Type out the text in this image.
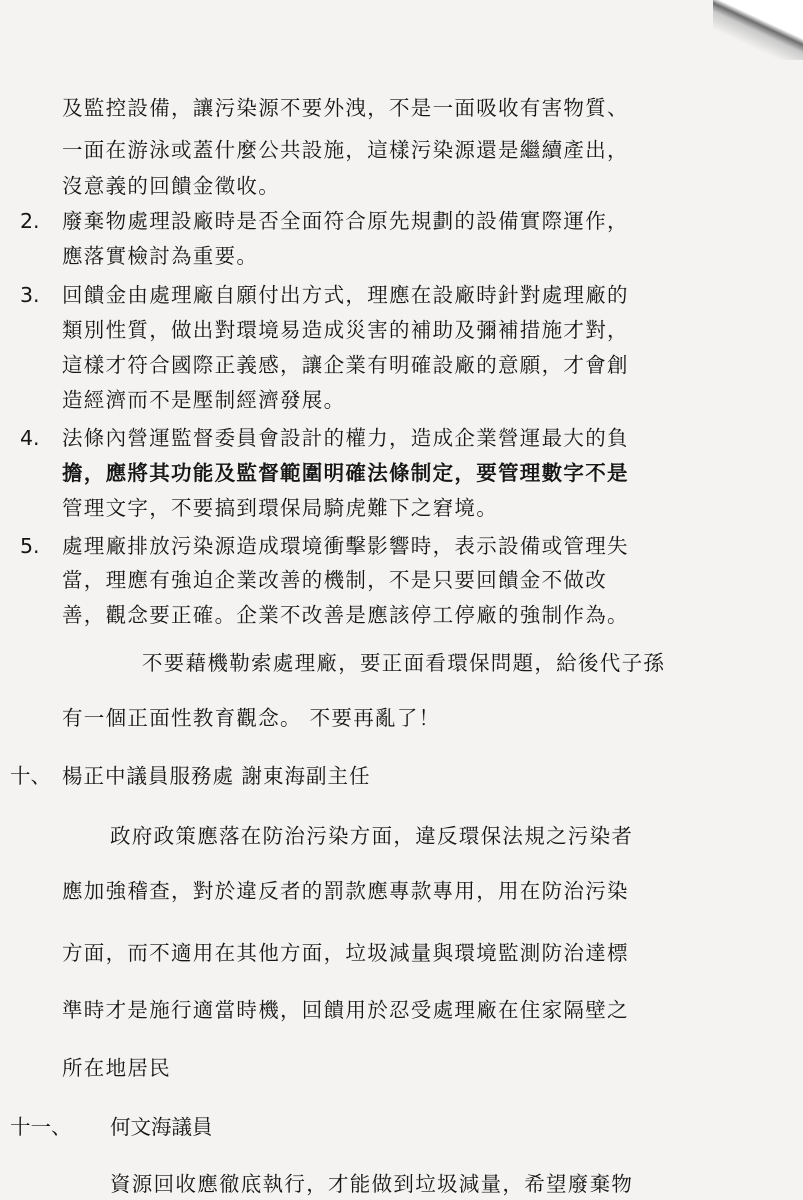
及監控設備，讓污染源不要外洩，不是一面吸收有害物質、
一面在游泳或蓋什麼公共設施，這樣污染源還是繼續產出，
沒意義的回饋金徵收。
2. 廢棄物處理設廠時是否全面符合原先規劃的設備實際運作，
應落實檢討為重要。
3. 回饋金由處理廠自願付出方式，理應在設廠時針對處理廠的
類別性質，做出對環境易造成災害的補助及彌補措施才對，
這樣才符合國際正義感，讓企業有明確設廠的意願，才會創
造經濟而不是壓制經濟發展。
4. 法條內營運監督委員會設計的權力，造成企業營運最大的負
擔，應將其功能及監督範圍明確法條制定，要管理數字不是
管理文字，不要搞到環保局騎虎難下之窘境。
5. 處理廠排放污染源造成環境衝擊影響時，表示設備或管理失
當，理應有強迫企業改善的機制，不是只要回饋金不做改
善，觀念要正確。企業不改善是應該停工停廠的強制作為。
不要藉機勒索處理廠，要正面看環保問題，給後代子孫
有一個正面性教育觀念。 不要再亂了！
十、 楊正中議員服務處 謝東海副主任
政府政策應落在防治污染方面，違反環保法規之污染者
應加強稽查，對於違反者的罰款應專款專用，用在防治污染
方面，而不適用在其他方面，垃圾減量與環境監測防治達標
準時才是施行適當時機，回饋用於忍受處理廠在住家隔壁之
所在地居民
十一、 何文海議員
資源回收應徹底執行，才能做到垃圾減量，希望廢棄物
